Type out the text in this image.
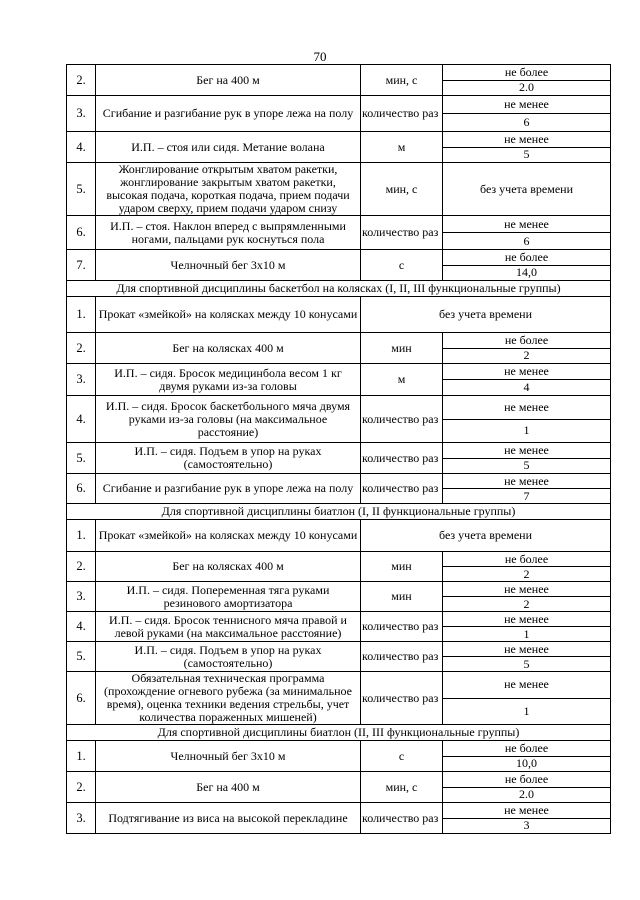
70
2.	Бег на 400 м	мин, с	не более
2.0

3.	Сгибание и разгибание рук в упоре лежа на полу	количество раз	не менее
6

4.	И.П. – стоя или сидя. Метание волана	м	не менее
5

5.	Жонглирование открытым хватом ракетки, жонглирование закрытым хватом ракетки, высокая подача, короткая подача, прием подачи ударом сверху, прием подачи ударом снизу	мин, с	без учета времени
6.	И.П. – стоя. Наклон вперед с выпрямленными ногами, пальцами рук коснуться пола	количество раз	не менее
6

7.	Челночный бег 3x10 м	с	не более
14,0

Для спортивной дисциплины баскетбол на колясках (I, II, III функциональные группы)			
1.	Прокат «змейкой» на колясках между 10 конусами	без учета времени	
2.	Бег на колясках 400 м	мин	не более
2

3.	И.П. – сидя. Бросок медицинбола весом 1 кг двумя руками из-за головы	м	не менее
4

4.	И.П. – сидя. Бросок баскетбольного мяча двумя руками из-за головы (на максимальное расстояние)	количество раз	не менее
1

5.	И.П. – сидя. Подъем в упор на руках (самостоятельно)	количество раз	не менее
5

6.	Сгибание и разгибание рук в упоре лежа на полу	количество раз	не менее
7

Для спортивной дисциплины биатлон (I, II функциональные группы)			
1.	Прокат «змейкой» на колясках между 10 конусами	без учета времени	
2.	Бег на колясках 400 м	мин	не более
2

3.	И.П. – сидя. Попеременная тяга руками резинового амортизатора	мин	не менее
2

4.	И.П. – сидя. Бросок теннисного мяча правой и левой руками (на максимальное расстояние)	количество раз	не менее
1

5.	И.П. – сидя. Подъем в упор на руках (самостоятельно)	количество раз	не менее
5

6.	Обязательная техническая программа (прохождение огневого рубежа (за минимальное время), оценка техники ведения стрельбы, учет количества пораженных мишеней)	количество раз	не менее
1

Для спортивной дисциплины биатлон (II, III функциональные группы)			
1.	Челночный бег 3x10 м	с	не более
10,0

2.	Бег на 400 м	мин, с	не более
2.0

3.	Подтягивание из виса на высокой перекладине	количество раз	не менее
3
